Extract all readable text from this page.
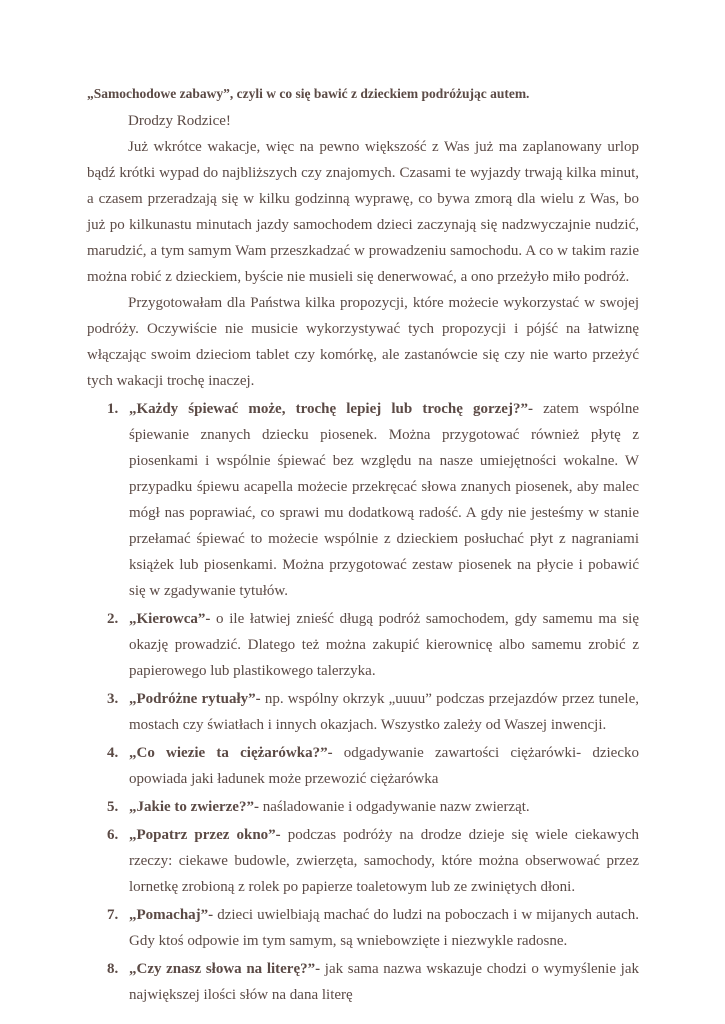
„Samochodowe zabawy”, czyli w co się bawić z dzieckiem podróżując autem.

Drodzy Rodzice!

Już wkrótce wakacje, więc na pewno większość z Was już ma zaplanowany urlop bądź krótki wypad do najbliższych czy znajomych. Czasami te wyjazdy trwają kilka minut, a czasem przeradzają się w kilku godzinną wyprawę, co bywa zmorą dla wielu z Was, bo już po kilkunastu minutach jazdy samochodem dzieci zaczynają się nadzwyczajnie nudzić, marudzić, a tym samym Wam przeszkadzać w prowadzeniu samochodu. A co w takim razie można robić z dzieckiem, byście nie musieli się denerwować, a ono przeżyło miło podróż.

Przygotowałam dla Państwa kilka propozycji, które możecie wykorzystać w swojej podróży. Oczywiście nie musicie wykorzystywać tych propozycji i pójść na łatwiznę włączając swoim dzieciom tablet czy komórkę, ale zastanówcie się czy nie warto przeżyć tych wakacji trochę inaczej.

1. „Każdy śpiewać może, trochę lepiej lub trochę gorzej?”- zatem wspólne śpiewanie znanych dziecku piosenek. Można przygotować również płytę z piosenkami i wspólnie śpiewać bez względu na nasze umiejętności wokalne. W przypadku śpiewu acapella możecie przekręcać słowa znanych piosenek, aby malec mógł nas poprawiać, co sprawi mu dodatkową radość. A gdy nie jesteśmy w stanie przełamać śpiewać to możecie wspólnie z dzieckiem posłuchać płyt z nagraniami książek lub piosenkami. Można przygotować zestaw piosenek na płycie i pobawić się w zgadywanie tytułów.
2. „Kierowca”- o ile łatwiej znieść długą podróż samochodem, gdy samemu ma się okazję prowadzić. Dlatego też można zakupić kierownicę albo samemu zrobić z papierowego lub plastikowego talerzyka.
3. „Podróżne rytuały”- np. wspólny okrzyk „uuuu” podczas przejazdów przez tunele, mostach czy światłach i innych okazjach. Wszystko zależy od Waszej inwencji.
4. „Co wiezie ta ciężarówka?”- odgadywanie zawartości ciężarówki- dziecko opowiada jaki ładunek może przewozić ciężarówka
5. „Jakie to zwierze?”- naśladowanie i odgadywanie nazw zwierząt.
6. „Popatrz przez okno”- podczas podróży na drodze dzieje się wiele ciekawych rzeczy: ciekawe budowle, zwierzęta, samochody, które można obserwować przez lornetkę zrobioną z rolek po papierze toaletowym lub ze zwiniętych dłoni.
7. „Pomachaj”- dzieci uwielbiają machać do ludzi na poboczach i w mijanych autach. Gdy ktoś odpowie im tym samym, są wniebowzięte i niezwykle radosne.
8. „Czy znasz słowa na literę?”- jak sama nazwa wskazuje chodzi o wymyślenie jak największej ilości słów na dana literę
